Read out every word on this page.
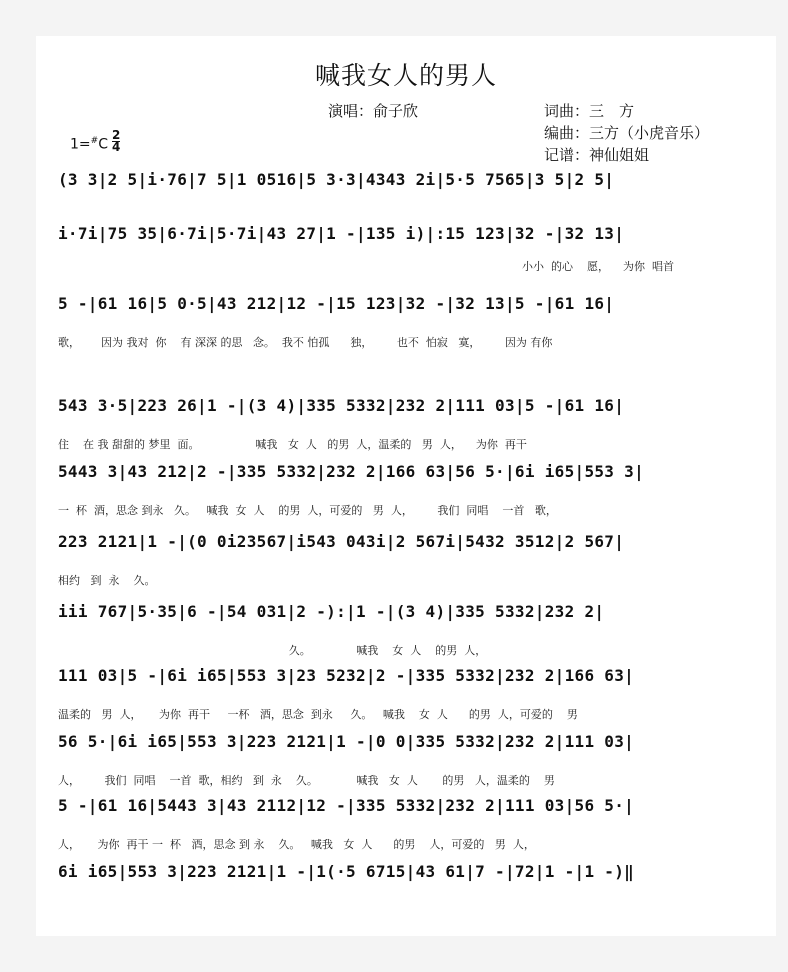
喊我女人的男人
演唱：俞子欣	词曲：三　方
编曲：三方（小虎音乐）
记谱：神仙姐姐
$1=^{\#}C \frac{2}{4}$
(3 3|2 5|i·76|7 5|1 0516|5 3·3|4343 2i|5·5 7565|3 5|2 5|
i·7i|75 35|6·7i|5·7i|43 27|1 -|135 i)|:15 123|32 -|32 13|
小小  的心    愿，    为你  唱首
5 -|61 16|5 0·5|43 212|12 -|15 123|32 -|32 13|5 -|61 16|
歌，      因为 我对  你    有 深深 的思   念。  我不 怕孤      独，       也不  怕寂   寞，       因为 有你
543 3·5|223 26|1 -|(3 4)|335 5332|232 2|111 03|5 -|61 16|
住    在 我 甜甜的 梦里  面。                喊我   女  人   的男  人，温柔的   男  人，    为你  再干
5443 3|43 212|2 -|335 5332|232 2|166 63|56 5·|6i i65|553 3|
一  杯  酒，思念 到永   久。   喊我  女  人    的男  人，可爱的   男  人，       我们  同唱    一首   歌，
223 2121|1 -|(0 0i23567|i543 043i|2 567i|5432 3512|2 567|
相约   到  永    久。
iii 767|5·35|6 -|54 031|2 -):|1 -|(3 4)|335 5332|232 2|
久。             喊我    女  人    的男  人，
111 03|5 -|6i i65|553 3|23 5232|2 -|335 5332|232 2|166 63|
温柔的   男  人，     为你  再干     一杯   酒，思念  到永     久。   喊我    女  人      的男  人，可爱的    男
56 5·|6i i65|553 3|223 2121|1 -|0 0|335 5332|232 2|111 03|
人，       我们  同唱    一首  歌，相约   到  永    久。           喊我   女  人       的男   人，温柔的    男
5 -|61 16|5443 3|43 2112|12 -|335 5332|232 2|111 03|56 5·|
人，     为你  再干 一  杯   酒，思念 到 永    久。   喊我   女  人      的男    人，可爱的   男  人，
6i i65|553 3|223 2121|1 -|1(·5 6715|43 61|7 -|72|1 -|1 -)‖
